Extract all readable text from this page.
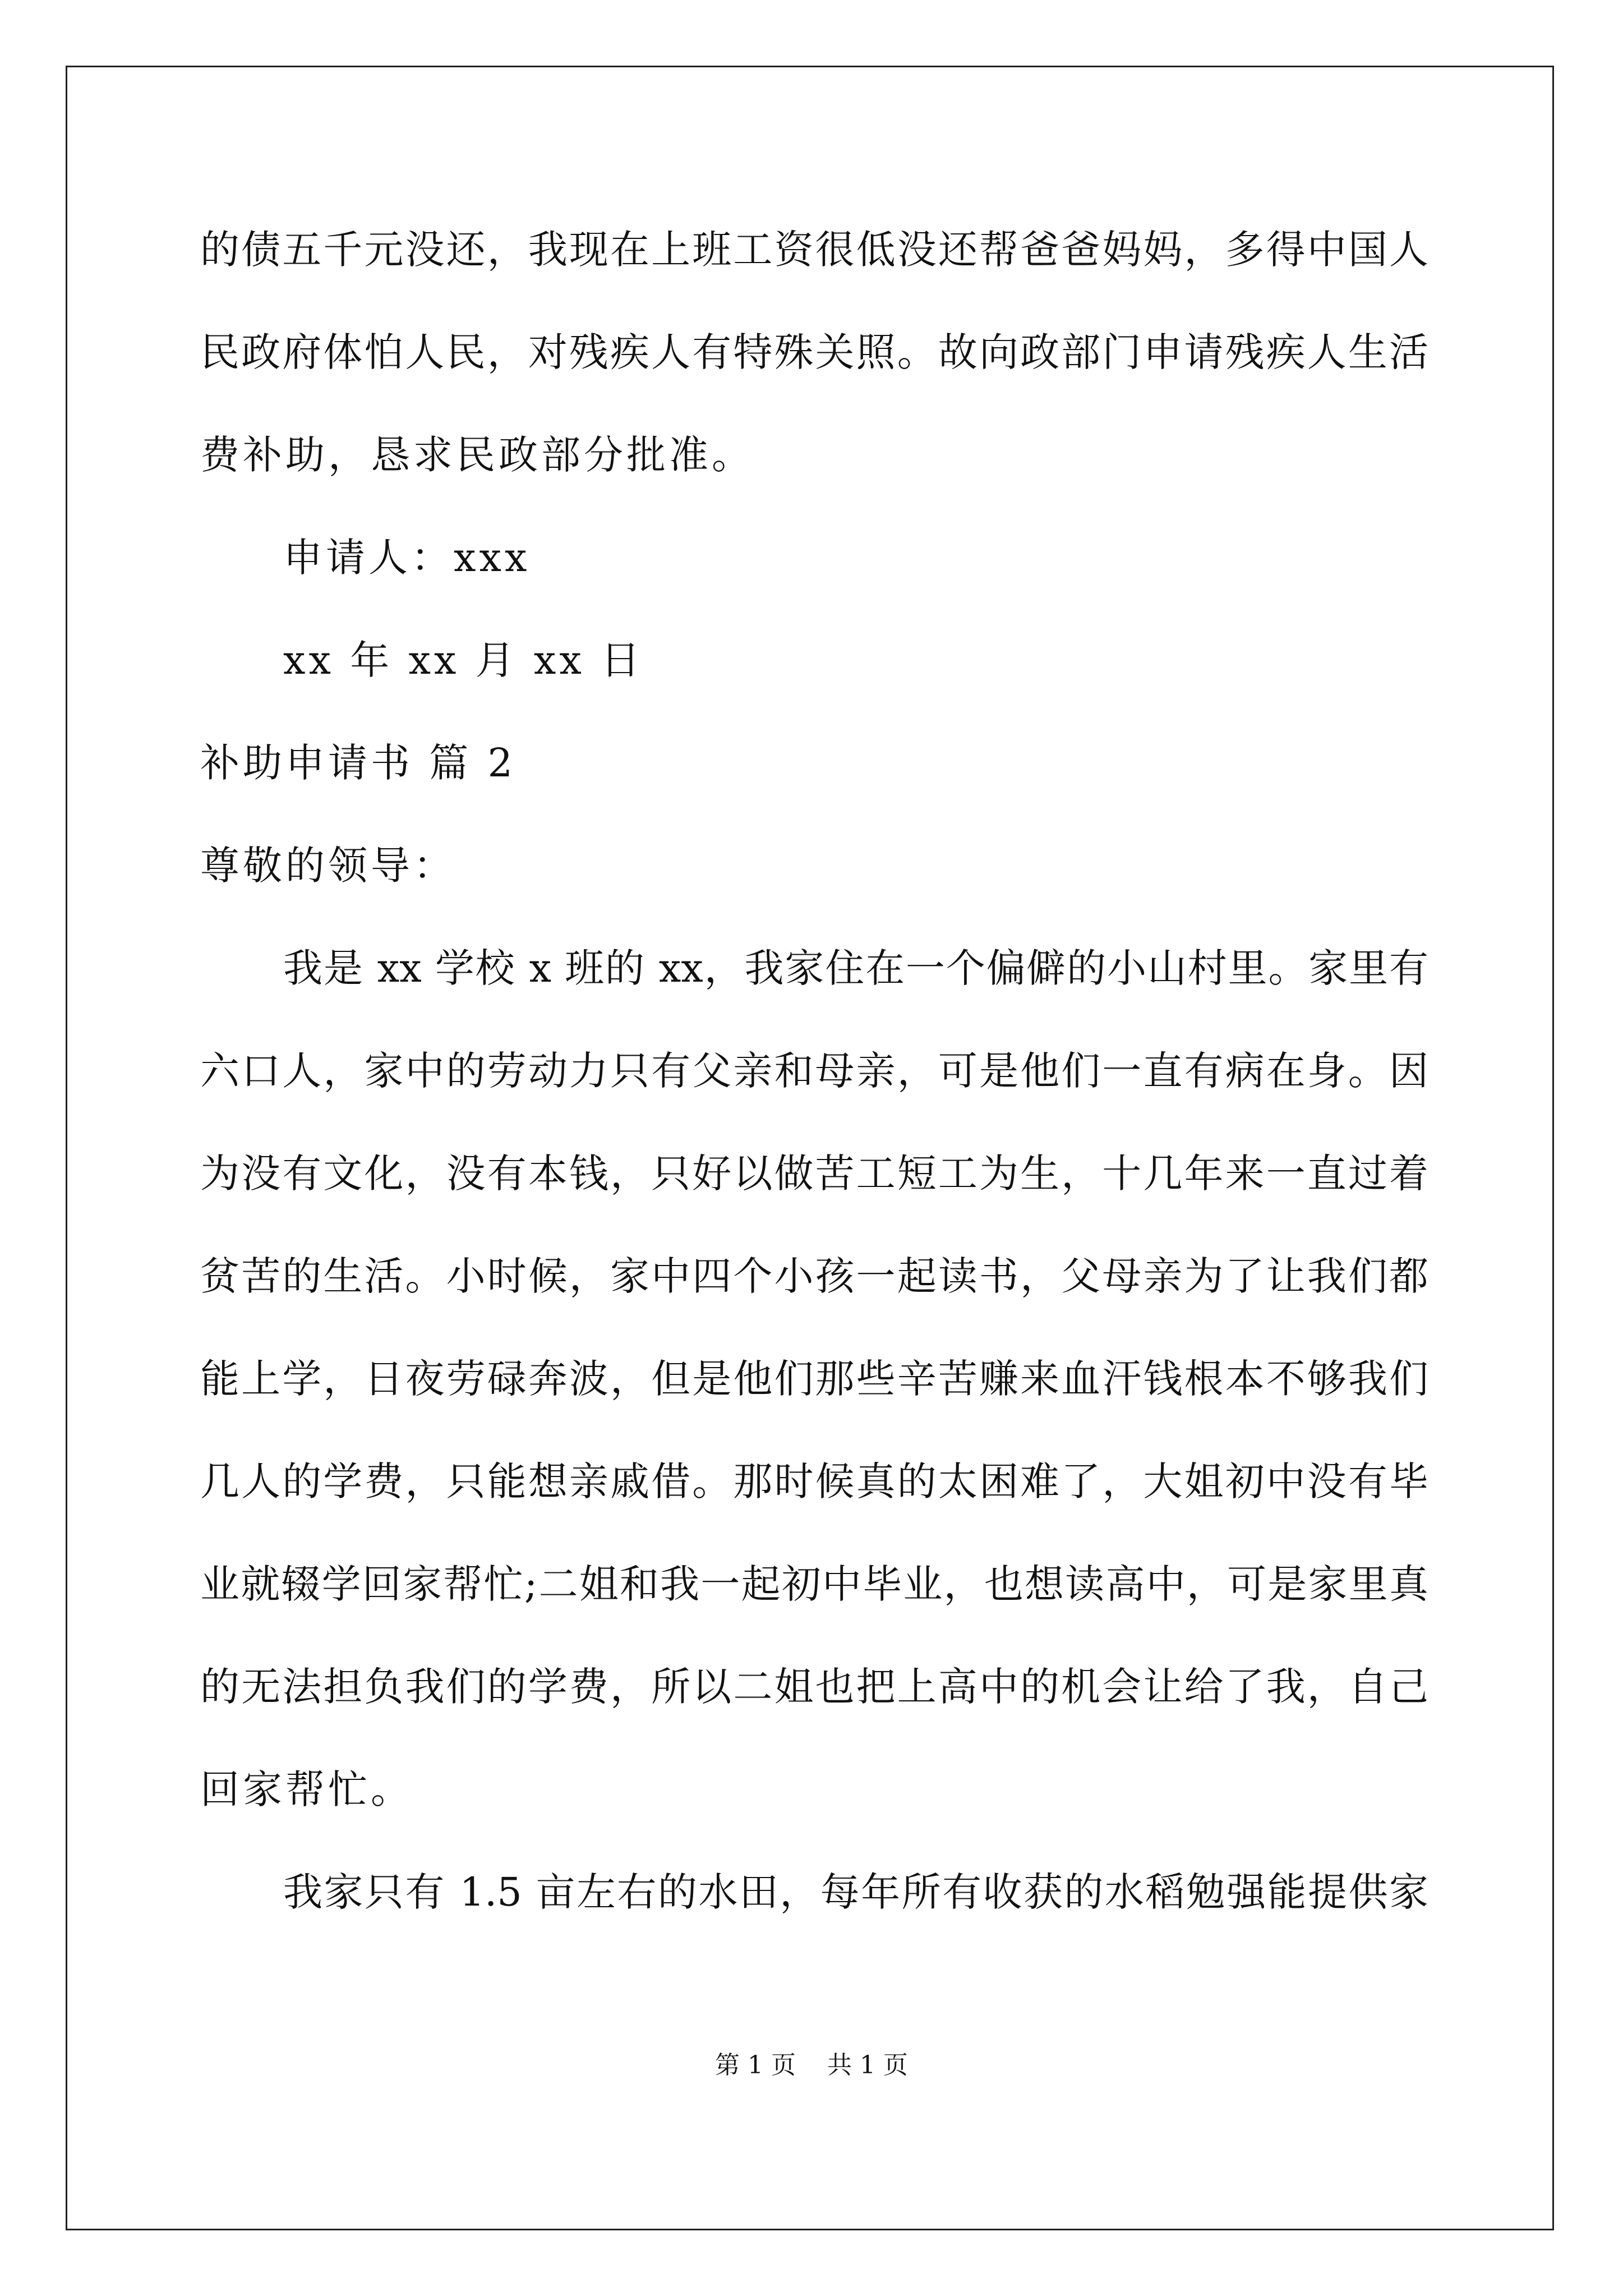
的债五千元没还，我现在上班工资很低没还帮爸爸妈妈，多得中国人
民政府体怕人民，对残疾人有特殊关照。故向政部门申请残疾人生活
费补助，恳求民政部分批准。
申请人：xxx
xx 年 xx 月 xx 日
补助申请书 篇 2
尊敬的领导：
我是 xx 学校 x 班的 xx，我家住在一个偏僻的小山村里。家里有
六口人，家中的劳动力只有父亲和母亲，可是他们一直有病在身。因
为没有文化，没有本钱，只好以做苦工短工为生，十几年来一直过着
贫苦的生活。小时候，家中四个小孩一起读书，父母亲为了让我们都
能上学，日夜劳碌奔波，但是他们那些辛苦赚来血汗钱根本不够我们
几人的学费，只能想亲戚借。那时候真的太困难了，大姐初中没有毕
业就辍学回家帮忙;二姐和我一起初中毕业，也想读高中，可是家里真
的无法担负我们的学费，所以二姐也把上高中的机会让给了我，自己
回家帮忙。
我家只有 1.5 亩左右的水田，每年所有收获的水稻勉强能提供家
第 1 页    共 1 页
